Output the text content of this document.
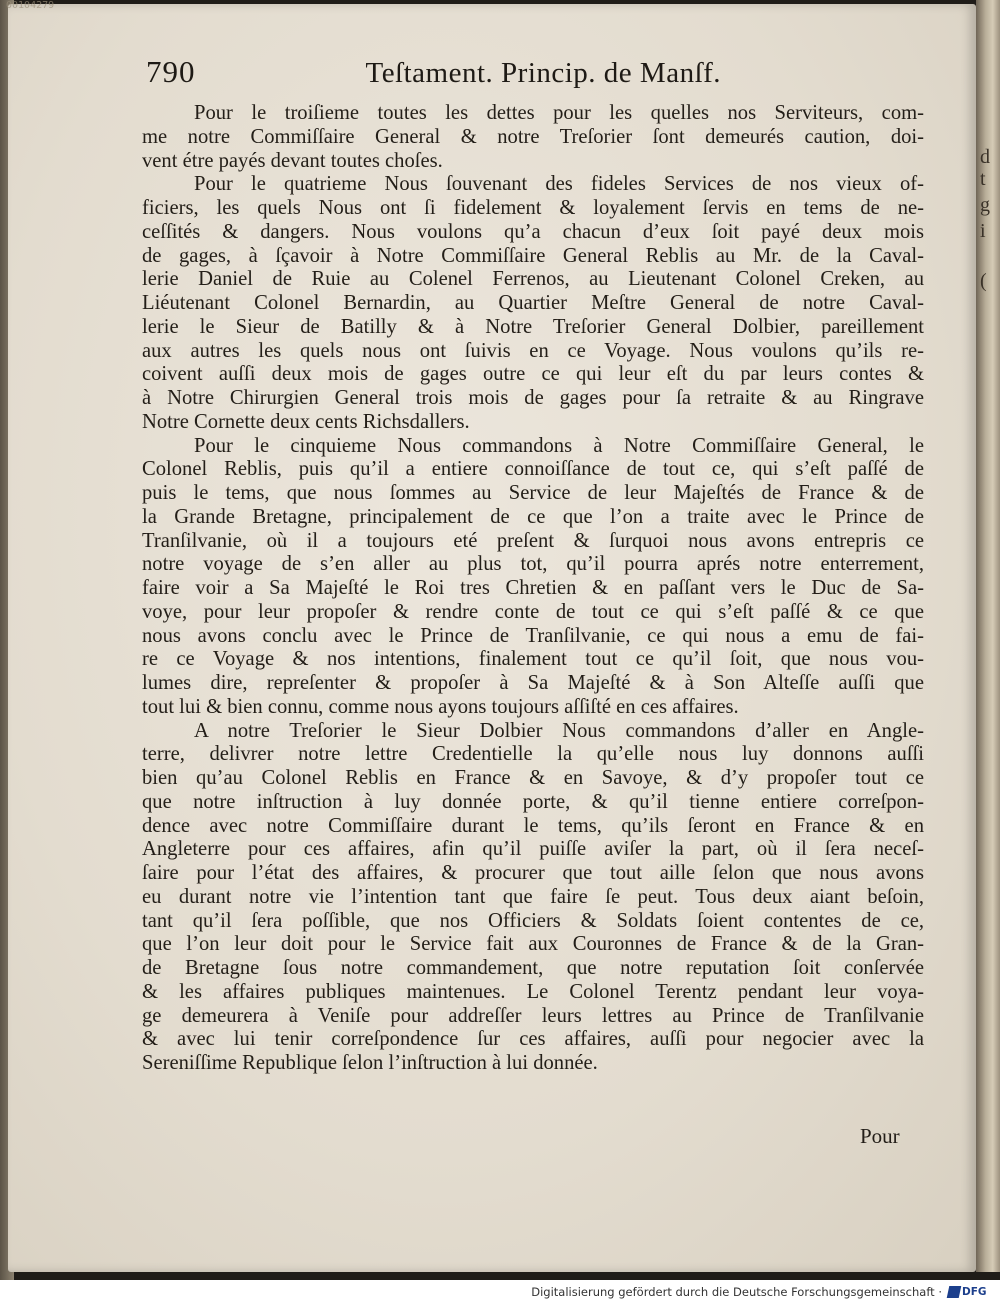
d
t
g
i
(
00104279
790	Teſtament. Princip. de Manſf.

Pour le troiſieme toutes les dettes pour les quelles nos Serviteurs, com-
me notre Commiſſaire General & notre Treſorier ſont demeurés caution, doi-
vent étre payés devant toutes choſes.

Pour le quatrieme Nous ſouvenant des fideles Services de nos vieux of-
ficiers, les quels Nous ont ſi fidelement & loyalement ſervis en tems de ne-
ceſſités & dangers. Nous voulons qu’a chacun d’eux ſoit payé deux mois
de gages, à ſçavoir à Notre Commiſſaire General Reblis au Mr. de la Caval-
lerie Daniel de Ruie au Colenel Ferrenos, au Lieutenant Colonel Creken, au
Liéutenant Colonel Bernardin, au Quartier Meſtre General de notre Caval-
lerie le Sieur de Batilly & à Notre Treſorier General Dolbier, pareillement
aux autres les quels nous ont ſuivis en ce Voyage. Nous voulons qu’ils re-
coivent auſſi deux mois de gages outre ce qui leur eſt du par leurs contes &
à Notre Chirurgien General trois mois de gages pour ſa retraite & au Ringrave
Notre Cornette deux cents Richsdallers.

Pour le cinquieme Nous commandons à Notre Commiſſaire General, le
Colonel Reblis, puis qu’il a entiere connoiſſance de tout ce, qui s’eſt paſſé de
puis le tems, que nous ſommes au Service de leur Majeſtés de France & de
la Grande Bretagne, principalement de ce que l’on a traite avec le Prince de
Tranſilvanie, où il a toujours eté preſent & ſurquoi nous avons entrepris ce
notre voyage de s’en aller au plus tot, qu’il pourra aprés notre enterrement,
faire voir a Sa Majeſté le Roi tres Chretien & en paſſant vers le Duc de Sa-
voye, pour leur propoſer & rendre conte de tout ce qui s’eſt paſſé & ce que
nous avons conclu avec le Prince de Tranſilvanie, ce qui nous a emu de fai-
re ce Voyage & nos intentions, finalement tout ce qu’il ſoit, que nous vou-
lumes dire, repreſenter & propoſer à Sa Majeſté & à Son Alteſſe auſſi que
tout lui & bien connu, comme nous ayons toujours aſſiſté en ces affaires.

A notre Treſorier le Sieur Dolbier Nous commandons d’aller en Angle-
terre, delivrer notre lettre Credentielle la qu’elle nous luy donnons auſſi
bien qu’au Colonel Reblis en France & en Savoye, & d’y propoſer tout ce
que notre inſtruction à luy donnée porte, & qu’il tienne entiere correſpon-
dence avec notre Commiſſaire durant le tems, qu’ils ſeront en France & en
Angleterre pour ces affaires, afin qu’il puiſſe aviſer la part, où il ſera neceſ-
ſaire pour l’état des affaires, & procurer que tout aille ſelon que nous avons
eu durant notre vie l’intention tant que faire ſe peut. Tous deux aiant beſoin,
tant qu’il ſera poſſible, que nos Officiers & Soldats ſoient contentes de ce,
que l’on leur doit pour le Service fait aux Couronnes de France & de la Gran-
de Bretagne ſous notre commandement, que notre reputation ſoit conſervée
& les affaires publiques maintenues. Le Colonel Terentz pendant leur voya-
ge demeurera à Veniſe pour addreſſer leurs lettres au Prince de Tranſilvanie
& avec lui tenir correſpondence ſur ces affaires, auſſi pour negocier avec la
Sereniſſime Republique ſelon l’inſtruction à lui donnée.

Pour
Digitalisierung gefördert durch die Deutsche Forschungsgemeinschaft · DFG
